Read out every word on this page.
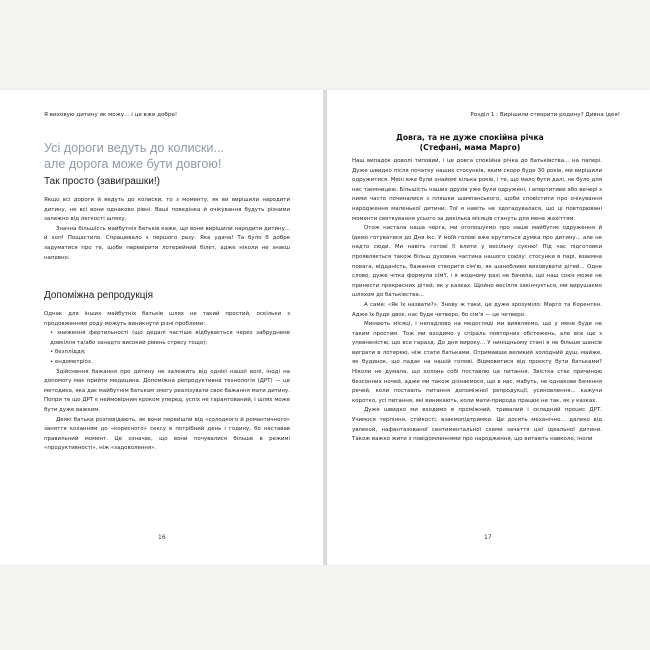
Я виховую дитину як можу... і це вже добре!
Усі дороги ведуть до колиски...
але дорога може бути довгою!
Так просто (завиграшки!)

Якщо всі дороги й ведуть до колиски, то з моменту, як ви вирішили народити дитину, не всі вони однаково рівні. Ваші поведінка й очікування будуть різними залежно від легкості шляху.

Значна більшість майбутніх батьків каже, що вони вирішили народити дитину... й хоп! Пощастило. Спрацювало з першого разу. Яка удача! Та було б добре задуматися про те, щоби перевірити лотерейний білет, адже ніколи не знаєш напевно.

Допоміжна репродукція

Однак для інших майбутніх батьків шлях не такий простий, оскільки з продовженням роду можуть виникнути різні проблеми:

• зниження фертильності (що дедалі частіше відбувається через забруднене довкілля та/або занадто високий рівень стресу тощо);

• безпліддя;

• ендометріоз.

Здійснення бажання про дитину не залежить від однієї нашої волі, іноді на допомогу має прийти медицина. Допоміжна репродуктивна технологія (ДРТ) — це методика, яка дає майбутнім батькам змогу реалізувати своє бажання мати дитину. Попри те що ДРТ є неймовірним кроком уперед, успіх не гарантований, і шлях може бути дуже важким.

Деякі батьки розповідають, як вони перейшли від «солодкого й романтичного» заняття коханням до «корисного» сексу в потрібний день і годину, бо наставав правильний момент. Це означає, що вони почувалися більше в режимі «продуктивності», ніж «задоволення».

16
Розділ 1 : Вирішили створити родину? Дивна ідея!
Довга, та не дуже спокійна річка
(Стефані, мама Марго)

Наш випадок доволі типовий, і це довга спокійна річка до батьківства… на папері. Дуже швидко після початку наших стосунків, яким скоро буде 30 років, ми вирішили одружитися. Мені вже були знайомі кілька років, і те, що мало бути далі, не було для нас таємницею. Більшість наших друзів уже були одружені, і апертитиви або вечері з ними часто починалися з пляшки шампанського, щоби сповістити про очікування народження маленької дитини. Тої я навіть не здогадувалася, що ці повторювані моменти святкування усього за декілька місяців стануть для мене жахіттям.

Отож настала наша черга, ми оголошуємо про наше майбутнє одруження й їдемо готуватися до Дня Ікс. У моїй голові вже крутиться думка про дитину... але не надто сюди. Ми навіть готові її влити у весільну сукню! Під час підготовки проявляється також більш духовна частина нашого союзу: стосунки в парі, взаємна повага, відданість, бажання створити сім'ю, як шанобливо виховувати дітей... Одне слово, дуже чітка формула сім'ї, і я жодному разі не бачила, що наш союз може не принести прекрасних дітей, як у казках. Щойно весілля закінчується, ми вирушаємо шляхом до батьківства...

А саме: «Як їх назвати?». Знову ж таки, це дуже зрозуміло: Марго та Корентен. Адже їх буде двоє, нас буде четверо, бо сім'я — це четверо.

Минають місяці, і непадлово на медогляді ми виявляємо, що у мене буде не таким простим. Тож ми входимо у спіраль повторних обстежень, але все ще з упевненістю, що все гаразд. До дня вироку... У ниніщньому стані я не більше шансів виграти в лотерею, ніж стати батьками. Отримавши великий холодний душ, майже, як будинок, що падає на нашій голові. Відмовитися від проєкту бути батьками? Ніколи не думала, що холонь собі поставлю це питання. Звістка стає причиною безсонних ночей, адже ми також дізнаємося, що в нас, мабуть, не однакове бачення речей, коли постають питання допоміжної репродукції, усиновлення... кажучи коротко, усі питання, які виникають, коли мати-природа працює не так, як у казках.

Дуже швидко ми входимо в проміжний, тривалий і складний процес ДРТ. Учимося терпіння, стійкості, взаємопідтримки. Це досить механічно... далеко від увлекой, нафантазованої сентиментальної схеми зачаття цієї ідеальної дитини. Також важко жити з повідомленнями про народження, що витають навколо, іноли

17
